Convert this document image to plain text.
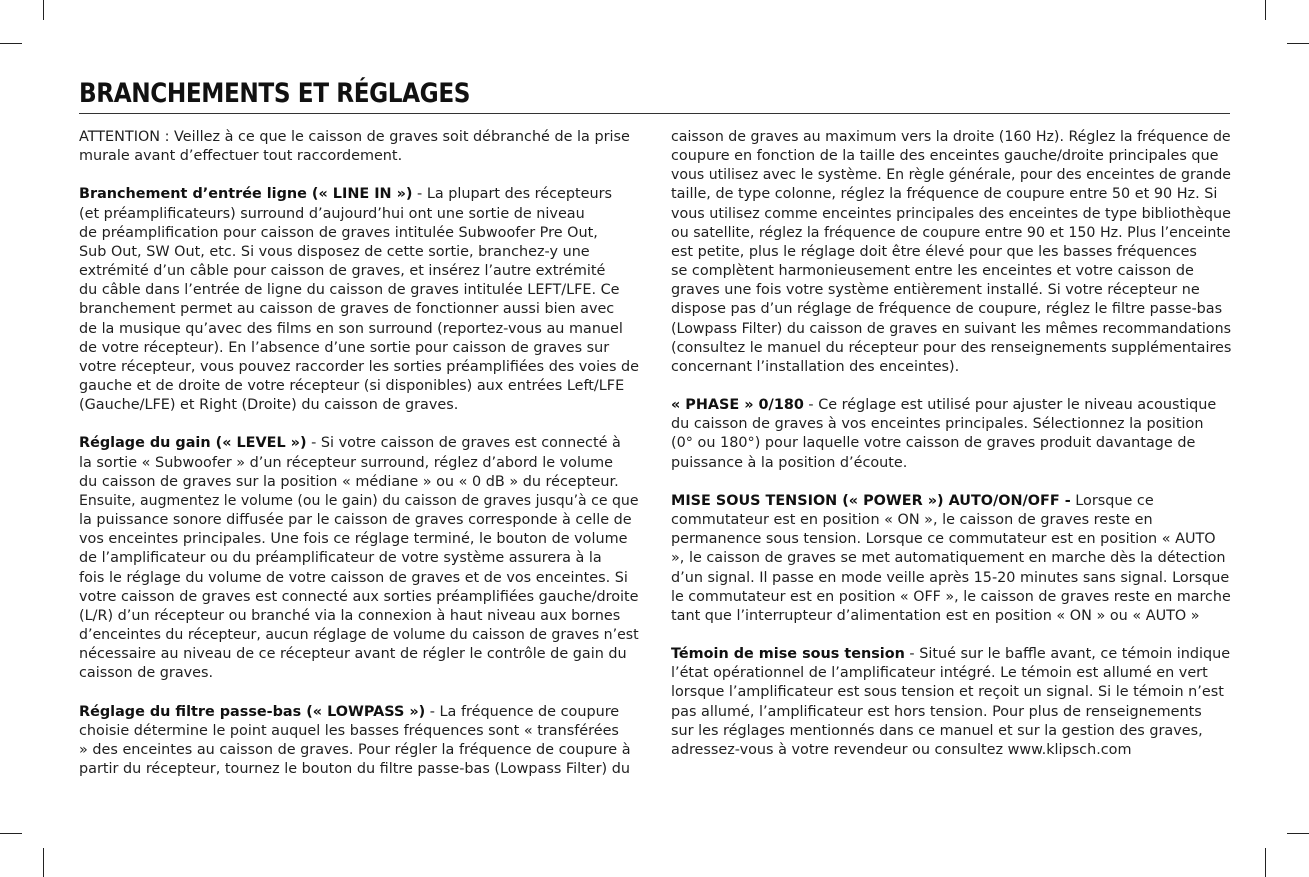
BRANCHEMENTS ET RÉGLAGES

ATTENTION : Veillez à ce que le caisson de graves soit débranché de la prise
murale avant d’effectuer tout raccordement.

Branchement d’entrée ligne (« LINE IN ») - La plupart des récepteurs
(et préamplificateurs) surround d’aujourd’hui ont une sortie de niveau
de préamplification pour caisson de graves intitulée Subwoofer Pre Out,
Sub Out, SW Out, etc. Si vous disposez de cette sortie, branchez-y une
extrémité d’un câble pour caisson de graves, et insérez l’autre extrémité
du câble dans l’entrée de ligne du caisson de graves intitulée LEFT/LFE. Ce
branchement permet au caisson de graves de fonctionner aussi bien avec
de la musique qu’avec des films en son surround (reportez-vous au manuel
de votre récepteur). En l’absence d’une sortie pour caisson de graves sur
votre récepteur, vous pouvez raccorder les sorties préamplifiées des voies de
gauche et de droite de votre récepteur (si disponibles) aux entrées Left/LFE
(Gauche/LFE) et Right (Droite) du caisson de graves.

Réglage du gain (« LEVEL ») - Si votre caisson de graves est connecté à
la sortie « Subwoofer » d’un récepteur surround, réglez d’abord le volume
du caisson de graves sur la position « médiane » ou « 0 dB » du récepteur.
Ensuite, augmentez le volume (ou le gain) du caisson de graves jusqu’à ce que
la puissance sonore diffusée par le caisson de graves corresponde à celle de
vos enceintes principales. Une fois ce réglage terminé, le bouton de volume
de l’amplificateur ou du préamplificateur de votre système assurera à la
fois le réglage du volume de votre caisson de graves et de vos enceintes. Si
votre caisson de graves est connecté aux sorties préamplifiées gauche/droite
(L/R) d’un récepteur ou branché via la connexion à haut niveau aux bornes
d’enceintes du récepteur, aucun réglage de volume du caisson de graves n’est
nécessaire au niveau de ce récepteur avant de régler le contrôle de gain du
caisson de graves.

Réglage du filtre passe-bas (« LOWPASS ») - La fréquence de coupure
choisie détermine le point auquel les basses fréquences sont « transférées
» des enceintes au caisson de graves. Pour régler la fréquence de coupure à
partir du récepteur, tournez le bouton du filtre passe-bas (Lowpass Filter) du

caisson de graves au maximum vers la droite (160 Hz). Réglez la fréquence de
coupure en fonction de la taille des enceintes gauche/droite principales que
vous utilisez avec le système. En règle générale, pour des enceintes de grande
taille, de type colonne, réglez la fréquence de coupure entre 50 et 90 Hz. Si
vous utilisez comme enceintes principales des enceintes de type bibliothèque
ou satellite, réglez la fréquence de coupure entre 90 et 150 Hz. Plus l’enceinte
est petite, plus le réglage doit être élevé pour que les basses fréquences
se complètent harmonieusement entre les enceintes et votre caisson de
graves une fois votre système entièrement installé. Si votre récepteur ne
dispose pas d’un réglage de fréquence de coupure, réglez le filtre passe-bas
(Lowpass Filter) du caisson de graves en suivant les mêmes recommandations
(consultez le manuel du récepteur pour des renseignements supplémentaires
concernant l’installation des enceintes).

« PHASE » 0/180 - Ce réglage est utilisé pour ajuster le niveau acoustique
du caisson de graves à vos enceintes principales. Sélectionnez la position
(0° ou 180°) pour laquelle votre caisson de graves produit davantage de
puissance à la position d’écoute.

MISE SOUS TENSION (« POWER ») AUTO/ON/OFF - Lorsque ce
commutateur est en position « ON », le caisson de graves reste en
permanence sous tension. Lorsque ce commutateur est en position « AUTO
», le caisson de graves se met automatiquement en marche dès la détection
d’un signal. Il passe en mode veille après 15-20 minutes sans signal. Lorsque
le commutateur est en position « OFF », le caisson de graves reste en marche
tant que l’interrupteur d’alimentation est en position « ON » ou « AUTO »

Témoin de mise sous tension - Situé sur le baffle avant, ce témoin indique
l’état opérationnel de l’amplificateur intégré. Le témoin est allumé en vert
lorsque l’amplificateur est sous tension et reçoit un signal. Si le témoin n’est
pas allumé, l’amplificateur est hors tension. Pour plus de renseignements
sur les réglages mentionnés dans ce manuel et sur la gestion des graves,
adressez-vous à votre revendeur ou consultez www.klipsch.com
